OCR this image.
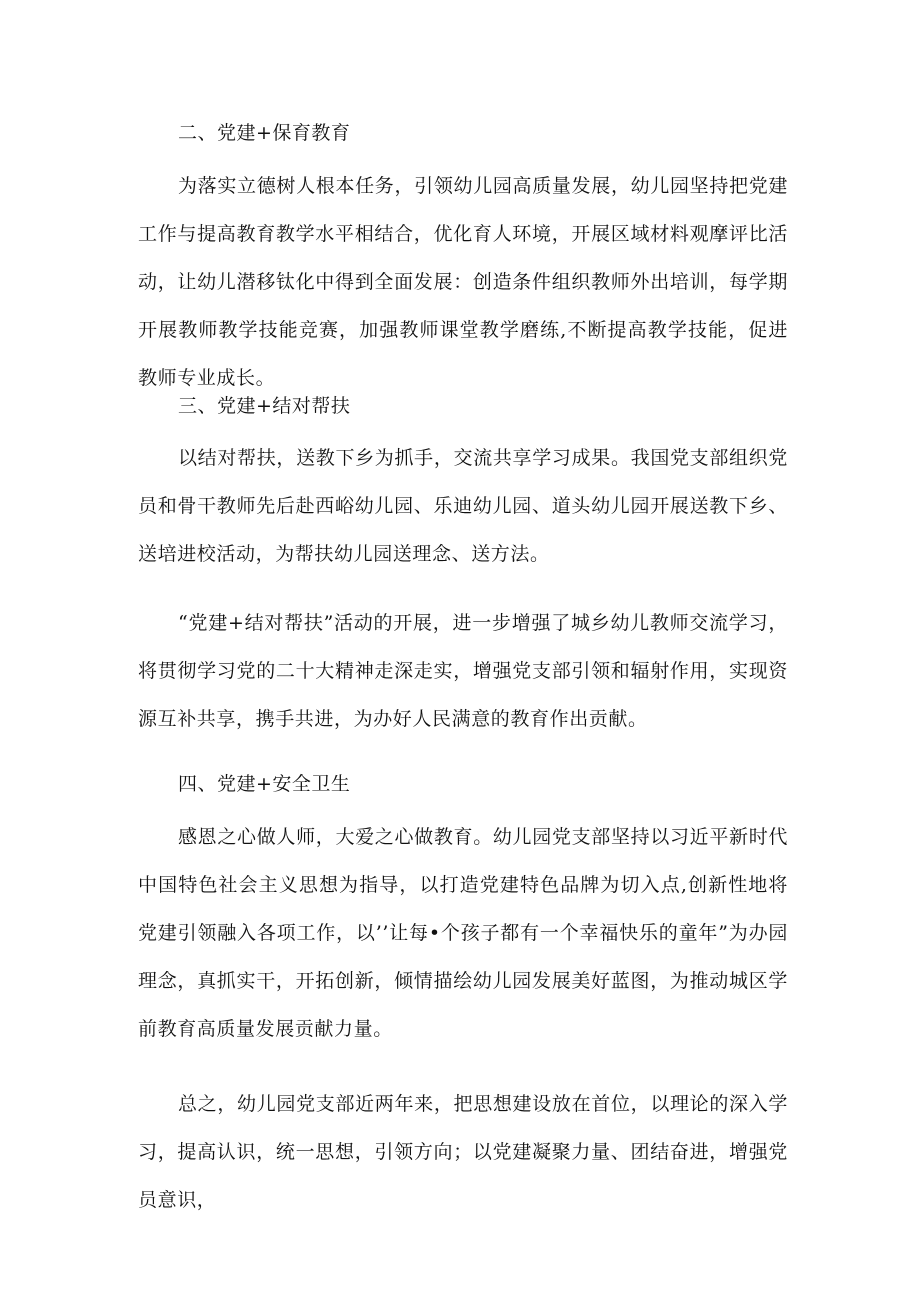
二、党建+保育教育

为落实立德树人根本任务，引领幼儿园高质量发展，幼儿园坚持把党建工作与提高教育教学水平相结合，优化育人环境，开展区域材料观摩评比活动，让幼儿潜移钛化中得到全面发展：创造条件组织教师外出培训，每学期开展教师教学技能竞赛，加强教师课堂教学磨练,不断提高教学技能，促进教师专业成长。

三、党建+结对帮扶

以结对帮扶，送教下乡为抓手，交流共享学习成果。我国党支部组织党员和骨干教师先后赴西峪幼儿园、乐迪幼儿园、道头幼儿园开展送教下乡、送培进校活动，为帮扶幼儿园送理念、送方法。

“党建+结对帮扶”活动的开展，进一步增强了城乡幼儿教师交流学习，将贯彻学习党的二十大精神走深走实，增强党支部引领和辐射作用，实现资源互补共享，携手共进，为办好人民满意的教育作出贡献。

四、党建+安全卫生

感恩之心做人师，大爱之心做教育。幼儿园党支部坚持以习近平新时代中国特色社会主义思想为指导，以打造党建特色品牌为切入点,创新性地将党建引领融入各项工作，以’’让每•个孩子都有一个幸福快乐的童年”为办园理念，真抓实干，开拓创新，倾情描绘幼儿园发展美好蓝图，为推动城区学前教育高质量发展贡献力量。

总之，幼儿园党支部近两年来，把思想建设放在首位，以理论的深入学习，提高认识，统一思想，引领方向；以党建凝聚力量、团结奋进，增强党员意识，
